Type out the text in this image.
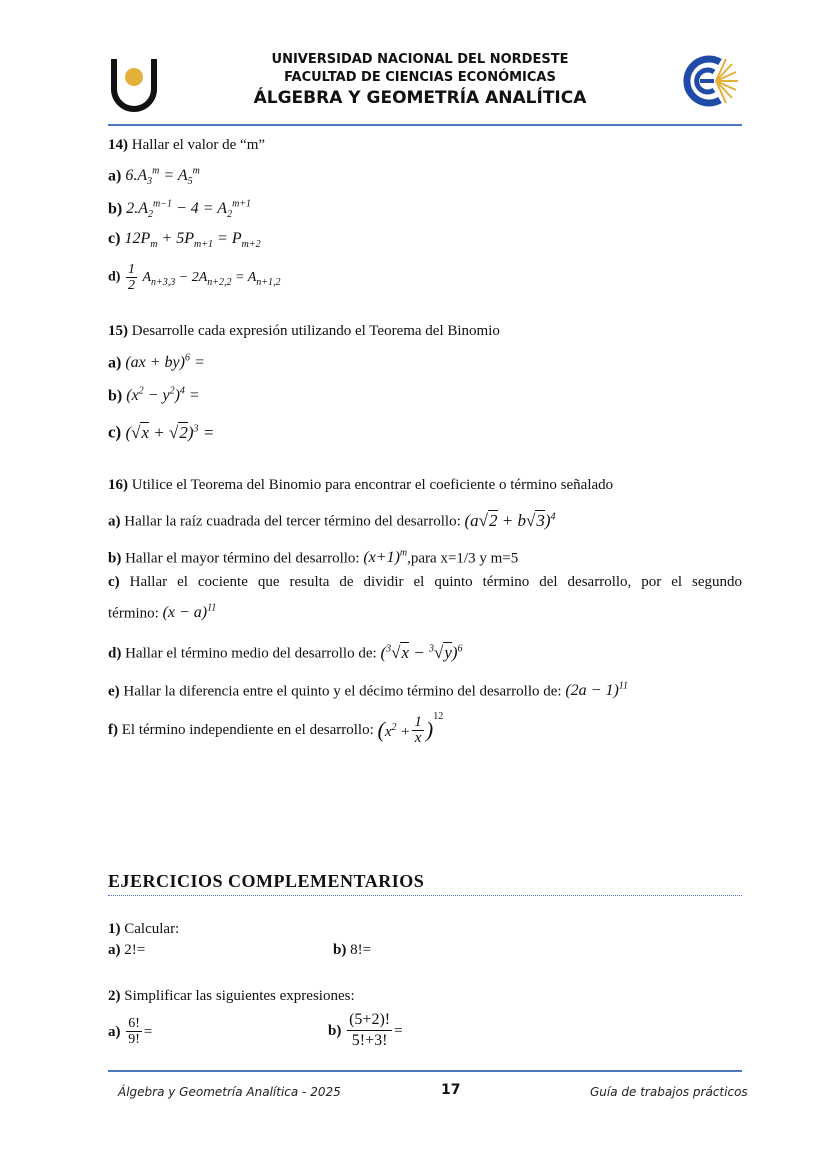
UNIVERSIDAD NACIONAL DEL NORDESTE
FACULTAD DE CIENCIAS ECONÓMICAS
ÁLGEBRA Y GEOMETRÍA ANALÍTICA
14) Hallar el valor de “m”
a) $6.A_3^m = A_5^m$
b) $2.A_2^{m-1} - 4 = A_2^{m+1}$
c) $12P_m + 5P_{m+1} = P_{m+2}$
$d) \frac{1}{2} A_{n+3,3} - 2A_{n+2,2} = A_{n+1,2}$
15) Desarrolle cada expresión utilizando el Teorema del Binomio
a) (ax + by)$^6$ =
b) $(x^2 - y^2)^4$ =
c) $(√x + √2)^3$ =
16) Utilice el Teorema del Binomio para encontrar el coeficiente o término señalado
a) Hallar la raíz cuadrada del tercer término del desarrollo: $(a√2 + b√3)^4$
b) Hallar el mayor término del desarrollo: $(x+1)^m,para$ x=1/3 y m=5
c) Hallar el cociente que resulta de dividir el quinto término del desarrollo, por el segundo
término: $(x - a)^{11}$
d) Hallar el término medio del desarrollo de: $(^3√x - ^3√y)^6$
e) Hallar la diferencia entre el quinto y el décimo término del desarrollo de: $(2a - 1)^{11}$
f)
El término independiente en el desarrollo:
( $x^2 + \frac{1}{x}$ )
$^{12}$
EJERCICIOS COMPLEMENTARIOS
1) Calcular:
a) 2!=	b) 8!=
2) Simplificar las siguientes expresiones:
a)
$\frac{6!}{9!}$ =	b)
$\frac{(5+2)!}{5!+3!}$ =
Álgebra y Geometría Analítica - 2025	17	Guía de trabajos prácticos
